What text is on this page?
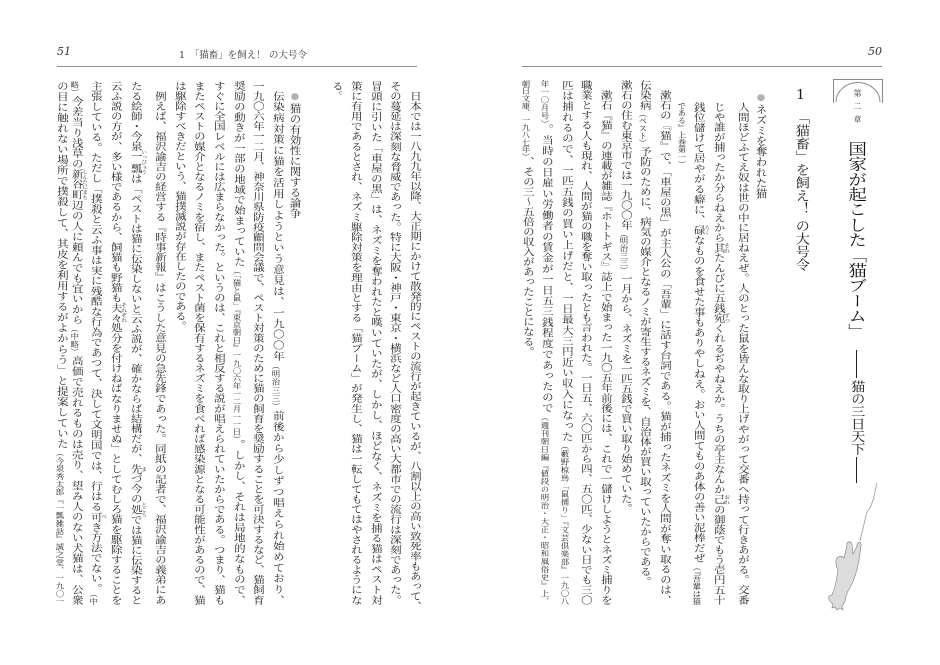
51	1　「猫畜」を飼え！ の大号令
日本では一八九九年以降、大正期にかけて散発的にペストの流行が起きているが、八割以上の高い致死率もあって、
その蔓延は深刻な脅威であった。特に大阪・神戸・東京・横浜など人口密度の高い大都市での流行は深刻であった。
冒頭に引いた「車屋の黒」は、ネズミを奪われたと嘆いていたが、しかし、ほどなく、ネズミを捕る猫はペスト対
策に有用であるとされ、ネズミ駆除対策を理由とする「猫ブーム」が発生し、猫は一転してもてはやされるようにな
る。
●猫の有効性に関する論争
伝染病対策に猫を活用しようという意見は、一九〇〇年（明治三三）前後から少しずつ唱えられ始めており、
一九〇六年一二月、神奈川県防疫顧問会議で、ペスト対策のために猫の飼育を奨励することを可決するなど、猫飼育
奨励の動きが一部の地域で始まっていた（「猫と鼠」『東京朝日』一九〇六年一二月一一日）。しかし、それは局地的なもので、
すぐに全国レベルには広まらなかった。というのは、これと相反する説が唱えられていたからである。つまり、猫も
またペストの媒介となるノミを宿し、またペスト菌を保有するネズミを食べれば感染源となる可能性があるので、猫
は駆除すべきだという、猫撲滅説が存在したのである。
例えば、福沢諭吉の経営する『時事新報』はこうした意見の急先鋒であった。同紙の記者で、福沢諭吉の義弟にあ
たる絵師・今泉一瓢 いっぴょうは「ペストは猫に伝染しないと云ふ説が、確かならば結構だが、先 まづ今の処 ところでは猫に伝染すると
云ふ説の方が、多い様であるから、飼猫も野猫も夫々 それぞれ処分を付けねばなりませぬ」としてむしろ猫を駆除することを
主張している。ただし「撲殺と云ふ事は実に残酷な行為であつて、決して文明国では、行はる可 べき方法でない。（中
略）今差当り浅草の新谷町 しんたにまち辺の人に頼んでも宜いから（中略）高価で売れるものは売り、望み人のない犬猫は、公衆
の目に触れない場所で撲殺して、其皮を利用するがよからう」と提案していた（今泉秀太郎『一瓢雑話』誠之堂、一九〇一
50
第二章
国家が起こした「猫ブーム」
猫の三日天下
1「猫畜」を飼え！ の大号令
●ネズミを奪われた猫
人間ほどふてえ奴は世の中に居ねえぜ。人のとった鼠を皆んな取り上げやがって交番へ持って行きあがる。交番
じや誰が捕ったか分らねえから其 それたんびに五銭宛 ずつくれるぢやねえか。うちの亭主なんか己 おれの御蔭でもう壱円五十
銭位儲けて居やがる癖に、碌 ろくなものを食せた事もありやしねえ。おい人間てものあ体の善い泥棒だぜ（『吾輩は猫
である』上巻第一）
漱石の『猫』で、「車屋の黒」が主人公の「吾輩」に話す台詞である。猫が捕ったネズミを人間が奪い取るのは、
伝染病（ペスト）予防のために、病気の媒介となるノミが寄生するネズミを、自治体が買い取っていたからである。
漱石の住む東京市では一九〇〇年（明治三三）一月から、ネズミを一匹五銭で買い取り始めていた。
漱石『猫』の連載が雑誌『ホトトギス』誌上で始まった一九〇五年前後には、これで一儲けしようとネズミ捕りを
職業とする人も現れ、人間が猫の職を奪い取ったとも言われた。一日五、六〇匹から四、五〇匹、少ない日でも三〇
匹は捕れるので、一匹五銭の買い上げだと、一日最大三円近い収入になった（藪野椋鳥「鼠捕り」『文芸倶楽部』一九〇八
年一〇月号）。当時の日雇い労働者の賃金が一日五三銭程度であったので（週刊朝日編『値段の明治・大正・昭和風俗史』上、
朝日文庫、一九八七年）、その三〜五倍の収入があったことになる。
